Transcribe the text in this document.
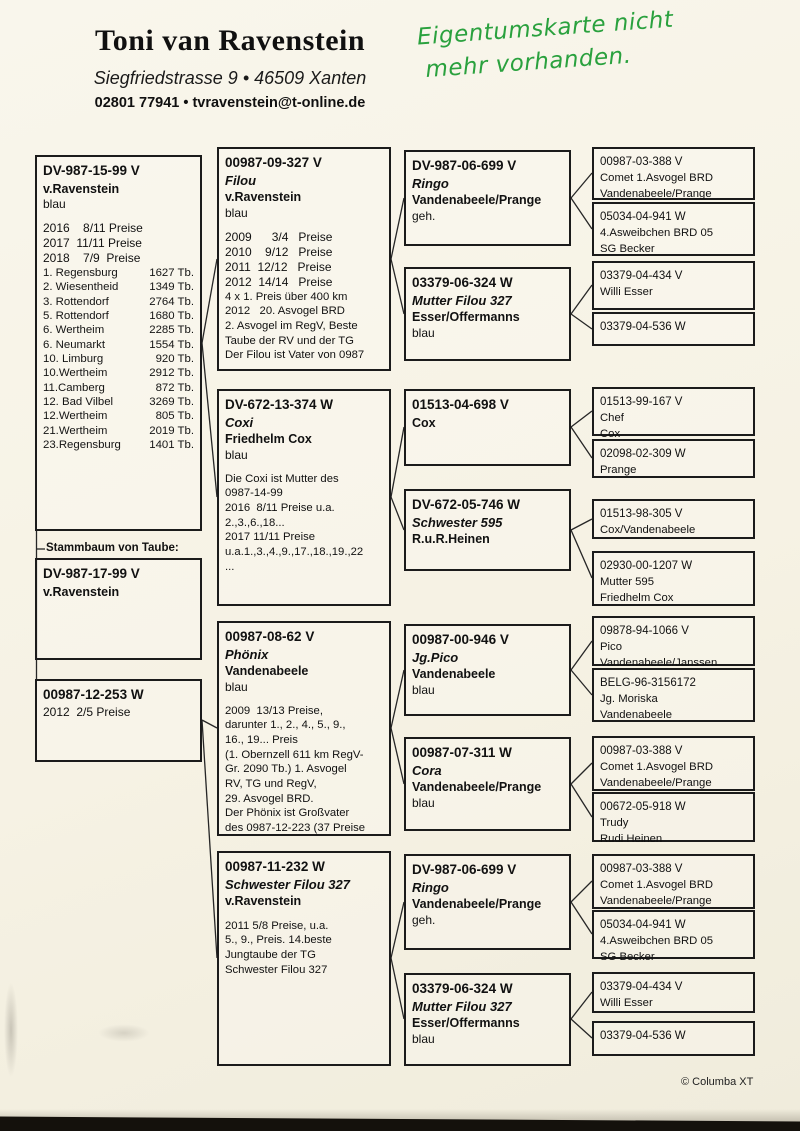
Toni van Ravenstein
Siegfriedstrasse 9 • 46509 Xanten
02801 77941 • tvravenstein@t-online.de
Eigentumskarte nicht
mehr vorhanden.
Stammbaum von Taube:
DV-987-15-99 V
v.Ravenstein
blau
2016    8/11 Preise
2017  11/11 Preise
2018    7/9  Preise
1. Regensburg	1627 Tb.
2. Wiesentheid	1349 Tb.
3. Rottendorf	2764 Tb.
5. Rottendorf	1680 Tb.
6. Wertheim	2285 Tb.
6. Neumarkt	1554 Tb.
10. Limburg	920 Tb.
10.Wertheim	2912 Tb.
11.Camberg	872 Tb.
12. Bad Vilbel	3269 Tb.
12.Wertheim	805 Tb.
21.Wertheim	2019 Tb.
23.Regensburg 1401 Tb.
DV-987-17-99 V
v.Ravenstein
00987-12-253 W
2012  2/5 Preise
00987-09-327 V
Filou
v.Ravenstein
blau
2009      3/4   Preise
2010    9/12   Preise
2011  12/12   Preise
2012  14/14   Preise
4 x 1. Preis über 400 km
2012   20. Asvogel BRD
2. Asvogel im RegV, Beste
Taube der RV und der TG
Der Filou ist Vater von 0987
DV-672-13-374 W
Coxi
Friedhelm Cox
blau
Die Coxi ist Mutter des
0987-14-99
2016  8/11 Preise u.a.
2.,3.,6.,18...
2017 11/11 Preise
u.a.1.,3.,4.,9.,17.,18.,19.,22
...
00987-08-62 V
Phönix
Vandenabeele
blau
2009  13/13 Preise,
darunter 1., 2., 4., 5., 9.,
16., 19... Preis
(1. Obernzell 611 km RegV-
Gr. 2090 Tb.) 1. Asvogel
RV, TG und RegV,
29. Asvogel BRD.
Der Phönix ist Großvater
des 0987-12-223 (37 Preise
00987-11-232 W
Schwester Filou 327
v.Ravenstein
2011 5/8 Preise, u.a.
5., 9., Preis. 14.beste
Jungtaube der TG
Schwester Filou 327
DV-987-06-699 V
Ringo
Vandenabeele/Prange
geh.
03379-06-324 W
Mutter Filou 327
Esser/Offermanns
blau
01513-04-698 V
Cox
DV-672-05-746 W
Schwester 595
R.u.R.Heinen
00987-00-946 V
Jg.Pico
Vandenabeele
blau
00987-07-311 W
Cora
Vandenabeele/Prange
blau
DV-987-06-699 V
Ringo
Vandenabeele/Prange
geh.
03379-06-324 W
Mutter Filou 327
Esser/Offermanns
blau
00987-03-388 V
Comet 1.Asvogel BRD
Vandenabeele/Prange
05034-04-941 W
4.Asweibchen BRD 05
SG Becker
03379-04-434 V
Willi Esser
03379-04-536 W
01513-99-167 V
Chef
Cox
02098-02-309 W
Prange
01513-98-305 V
Cox/Vandenabeele
02930-00-1207 W
Mutter 595
Friedhelm Cox
09878-94-1066 V
Pico
Vandenabeele/Janssen
BELG-96-3156172
Jg. Moriska
Vandenabeele
00987-03-388 V
Comet 1.Asvogel BRD
Vandenabeele/Prange
00672-05-918 W
Trudy
Rudi Heinen
00987-03-388 V
Comet 1.Asvogel BRD
Vandenabeele/Prange
05034-04-941 W
4.Asweibchen BRD 05
SG Becker
03379-04-434 V
Willi Esser
03379-04-536 W
© Columba XT
